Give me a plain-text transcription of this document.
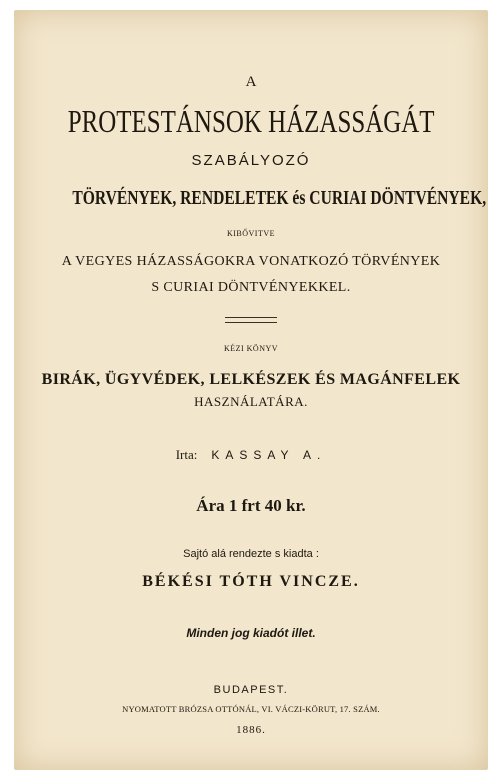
A
PROTESTÁNSOK HÁZASSÁGÁT
SZABÁLYOZÓ
TÖRVÉNYEK, RENDELETEK és CURIAI DÖNTVÉNYEK,
KIBŐVITVE
A VEGYES HÁZASSÁGOKRA VONATKOZÓ TÖRVÉNYEK
S CURIAI DÖNTVÉNYEKKEL.
KÉZI KÖNYV
BIRÁK, ÜGYVÉDEK, LELKÉSZEK ÉS MAGÁNFELEK
HASZNÁLATÁRA.
Irta: KASSAY A.
Ára 1 frt 40 kr.
Sajtó alá rendezte s kiadta :
BÉKÉSI TÓTH VINCZE.
Minden jog kiadót illet.
BUDAPEST.
NYOMATOTT BRÓZSA OTTÓNÁL, VI. VÁCZI-KÖRUT, 17. SZÁM.
1886.
